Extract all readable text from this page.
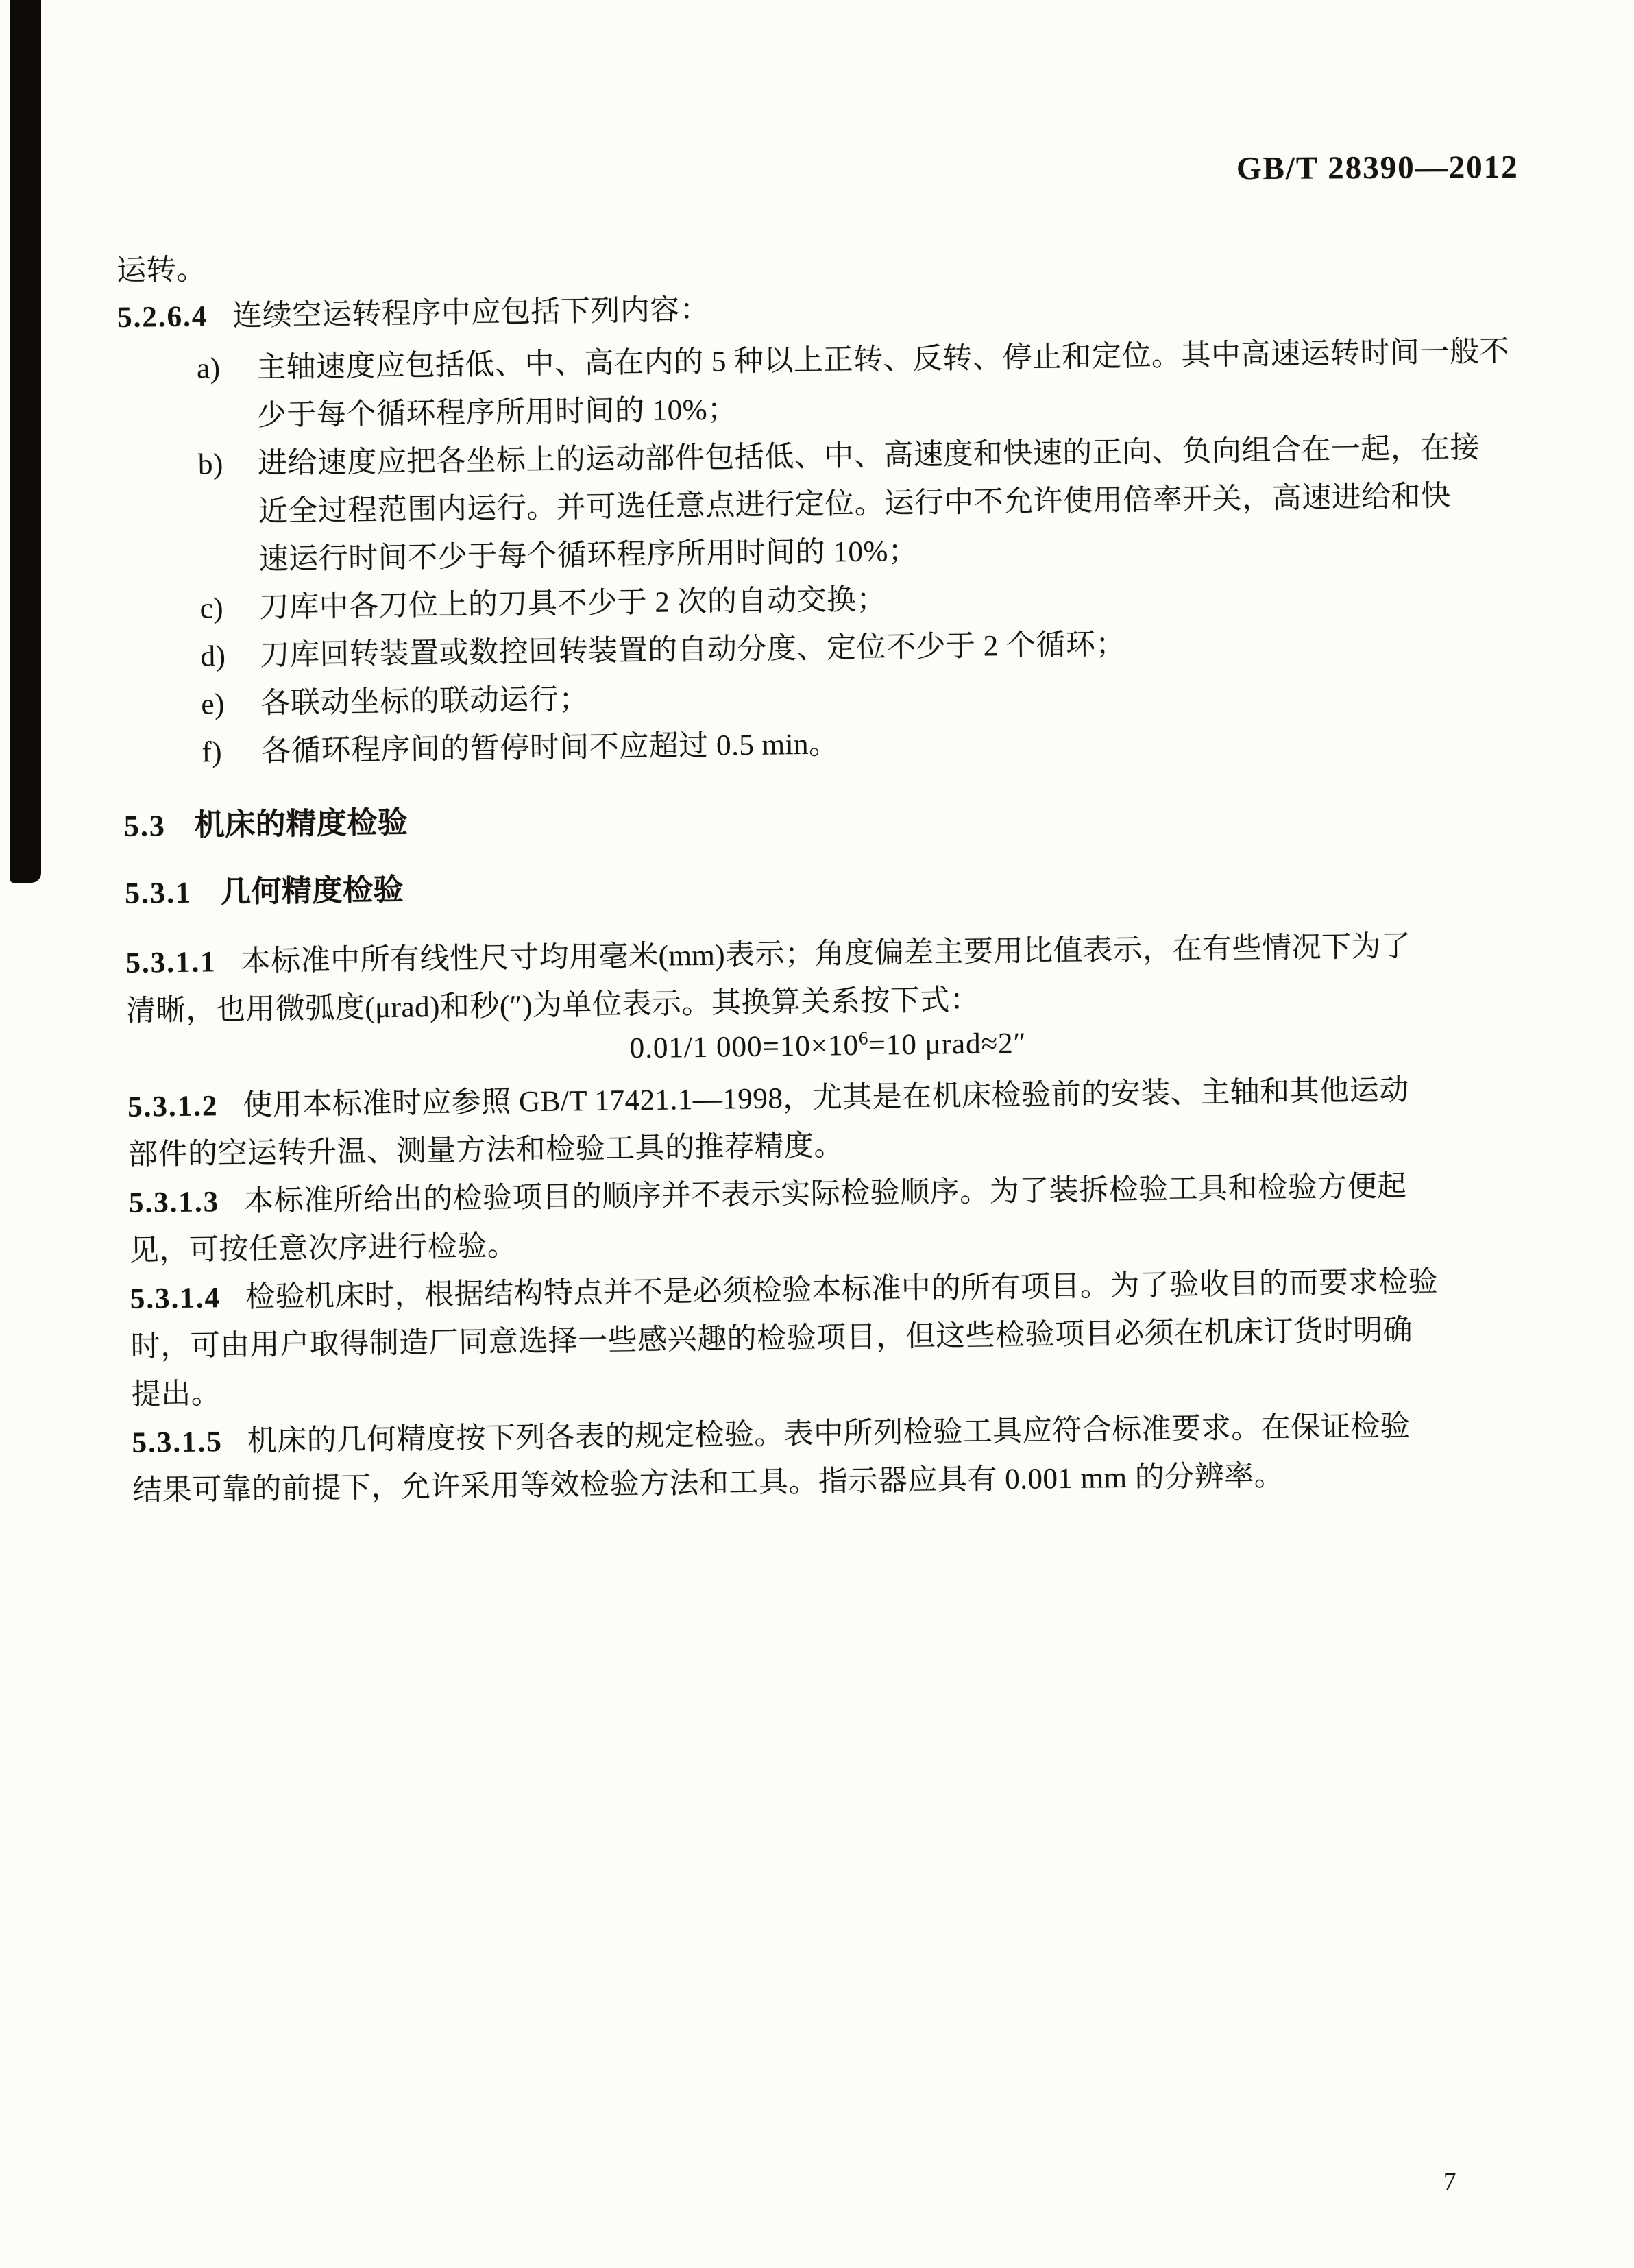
GB/T 28390—2012
运转。
5.2.6.4 连续空运转程序中应包括下列内容：
a) 主轴速度应包括低、中、高在内的 5 种以上正转、反转、停止和定位。其中高速运转时间一般不
少于每个循环程序所用时间的 10%；
b) 进给速度应把各坐标上的运动部件包括低、中、高速度和快速的正向、负向组合在一起，在接
近全过程范围内运行。并可选任意点进行定位。运行中不允许使用倍率开关，高速进给和快
速运行时间不少于每个循环程序所用时间的 10%；
c) 刀库中各刀位上的刀具不少于 2 次的自动交换；
d) 刀库回转装置或数控回转装置的自动分度、定位不少于 2 个循环；
e) 各联动坐标的联动运行；
f) 各循环程序间的暂停时间不应超过 0.5 min。
5.3 机床的精度检验
5.3.1 几何精度检验
5.3.1.1 本标准中所有线性尺寸均用毫米(mm)表示；角度偏差主要用比值表示，在有些情况下为了
清晰，也用微弧度(μrad)和秒(″)为单位表示。其换算关系按下式：
0.01/1 $000=10\times 10^6=10$ μrad≈2″
5.3.1.2 使用本标准时应参照 GB/T 17421.1—1998，尤其是在机床检验前的安装、主轴和其他运动
部件的空运转升温、测量方法和检验工具的推荐精度。
5.3.1.3 本标准所给出的检验项目的顺序并不表示实际检验顺序。为了装拆检验工具和检验方便起
见，可按任意次序进行检验。
5.3.1.4 检验机床时，根据结构特点并不是必须检验本标准中的所有项目。为了验收目的而要求检验
时，可由用户取得制造厂同意选择一些感兴趣的检验项目，但这些检验项目必须在机床订货时明确
提出。
5.3.1.5 机床的几何精度按下列各表的规定检验。表中所列检验工具应符合标准要求。在保证检验
结果可靠的前提下，允许采用等效检验方法和工具。指示器应具有 0.001 mm 的分辨率。
7
